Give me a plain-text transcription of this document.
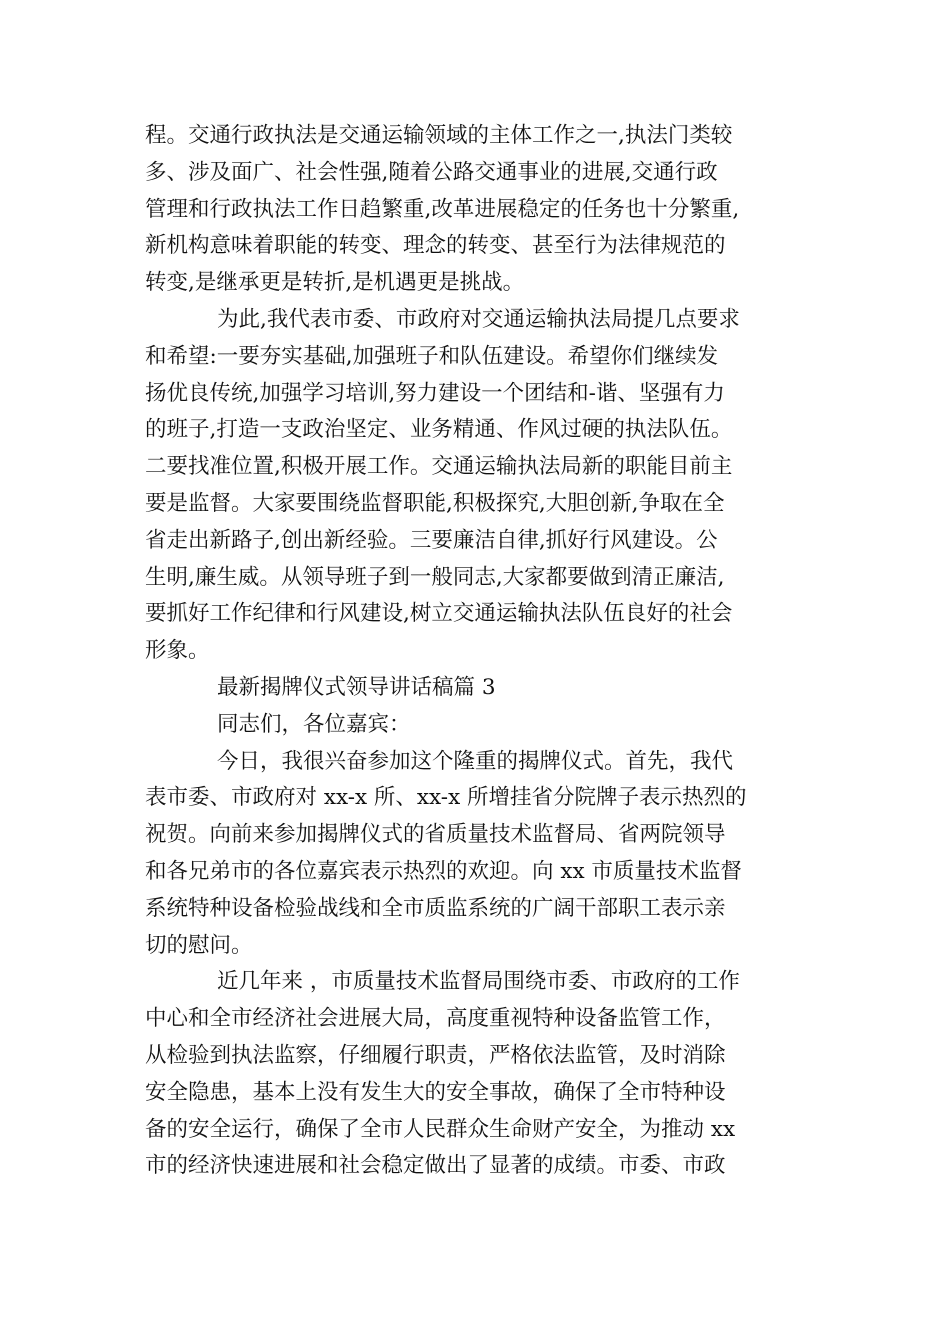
程。交通行政执法是交通运输领域的主体工作之一,执法门类较
多、涉及面广、社会性强,随着公路交通事业的进展,交通行政
管理和行政执法工作日趋繁重,改革进展稳定的任务也十分繁重,
新机构意味着职能的转变、理念的转变、甚至行为法律规范的
转变,是继承更是转折,是机遇更是挑战。
为此,我代表市委、市政府对交通运输执法局提几点要求
和希望:一要夯实基础,加强班子和队伍建设。希望你们继续发
扬优良传统,加强学习培训,努力建设一个团结和-谐、坚强有力
的班子,打造一支政治坚定、业务精通、作风过硬的执法队伍。
二要找准位置,积极开展工作。交通运输执法局新的职能目前主
要是监督。大家要围绕监督职能,积极探究,大胆创新,争取在全
省走出新路子,创出新经验。三要廉洁自律,抓好行风建设。公
生明,廉生威。从领导班子到一般同志,大家都要做到清正廉洁,
要抓好工作纪律和行风建设,树立交通运输执法队伍良好的社会
形象。
最新揭牌仪式领导讲话稿篇 3
同志们，各位嘉宾：
今日，我很兴奋参加这个隆重的揭牌仪式。首先，我代
表市委、市政府对 xx-x 所、xx-x 所增挂省分院牌子表示热烈的
祝贺。向前来参加揭牌仪式的省质量技术监督局、省两院领导
和各兄弟市的各位嘉宾表示热烈的欢迎。向 xx 市质量技术监督
系统特种设备检验战线和全市质监系统的广阔干部职工表示亲
切的慰问。
近几年来 ，市质量技术监督局围绕市委、市政府的工作
中心和全市经济社会进展大局，高度重视特种设备监管工作，
从检验到执法监察，仔细履行职责，严格依法监管，及时消除
安全隐患，基本上没有发生大的安全事故，确保了全市特种设
备的安全运行，确保了全市人民群众生命财产安全，为推动 xx
市的经济快速进展和社会稳定做出了显著的成绩。市委、市政
